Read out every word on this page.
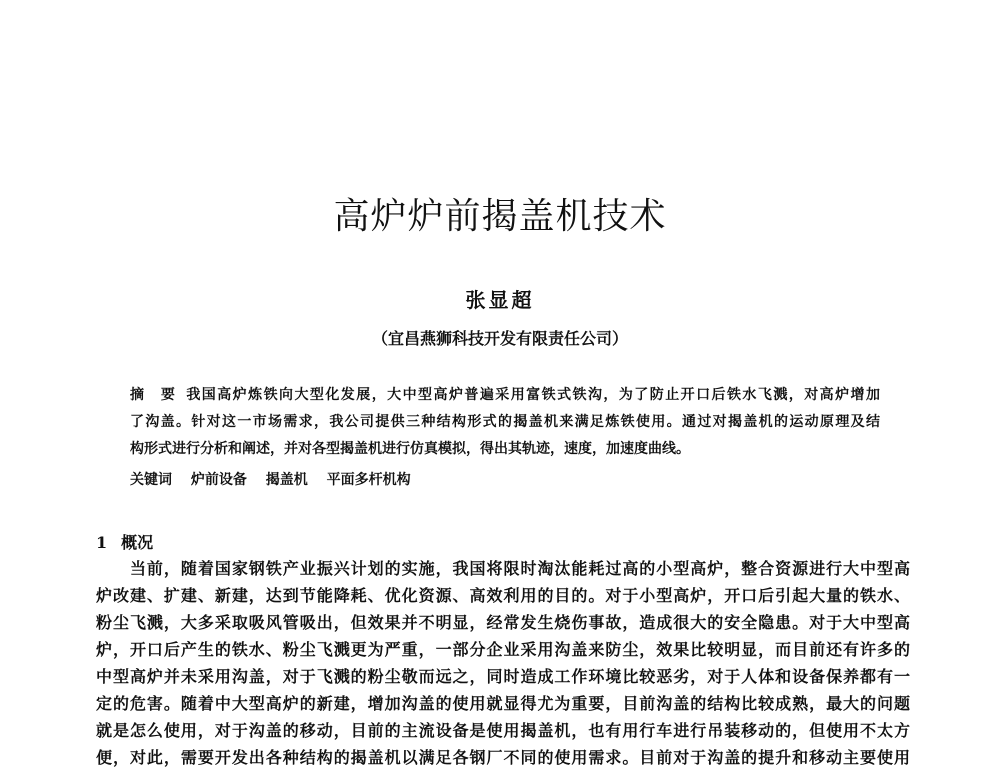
高炉炉前揭盖机技术
张显超
（宜昌燕狮科技开发有限责任公司）
摘　要 我国高炉炼铁向大型化发展，大中型高炉普遍采用富铁式铁沟，为了防止开口后铁水飞溅，对高炉增加
了沟盖。针对这一市场需求，我公司提供三种结构形式的揭盖机来满足炼铁使用。通过对揭盖机的运动原理及结
构形式进行分析和阐述，并对各型揭盖机进行仿真模拟，得出其轨迹，速度，加速度曲线。
关键词 炉前设备 揭盖机 平面多杆机构
1 概况
　　当前，随着国家钢铁产业振兴计划的实施，我国将限时淘汰能耗过高的小型高炉，整合资源进行大中型高
炉改建、扩建、新建，达到节能降耗、优化资源、高效利用的目的。对于小型高炉，开口后引起大量的铁水、
粉尘飞溅，大多采取吸风管吸出，但效果并不明显，经常发生烧伤事故，造成很大的安全隐患。对于大中型高
炉，开口后产生的铁水、粉尘飞溅更为严重，一部分企业采用沟盖来防尘，效果比较明显，而目前还有许多的
中型高炉并未采用沟盖，对于飞溅的粉尘敬而远之，同时造成工作环境比较恶劣，对于人体和设备保养都有一
定的危害。随着中大型高炉的新建，增加沟盖的使用就显得尤为重要，目前沟盖的结构比较成熟，最大的问题
就是怎么使用，对于沟盖的移动，目前的主流设备是使用揭盖机，也有用行车进行吊装移动的，但使用不太方
便，对此，需要开发出各种结构的揭盖机以满足各钢厂不同的使用需求。目前对于沟盖的提升和移动主要使用
